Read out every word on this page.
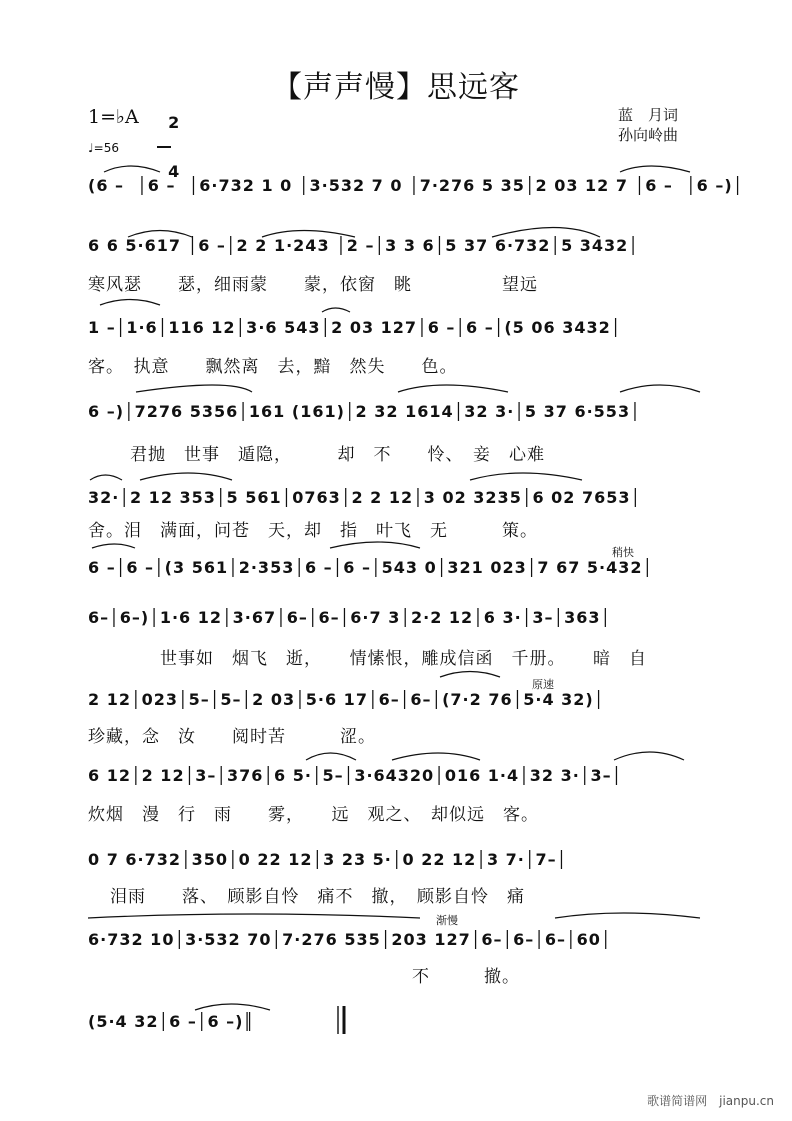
【声声慢】思远客
1=♭A	2

4

蓝　月词
孙向岭曲
♩=56
(6 –  │6 –  │6·732 1 0 │3·532 7 0 │7·276 5 35│2 03 12 7 │6 –  │6 –)│
6 6 5·617 │6 –│2 2 1·243 │2 –│3 3 6│5 37 6·732│5 3432│
寒风瑟　　瑟，细雨蒙　　蒙，依窗　眺　　　　　望远
1 –│1·6│116 12│3·6 543│2 03 127│6 –│6 –│(5 06 3432│
客。　执意　　飘然离　去，黯　然失　　色。
6 –)│7276 5356│161 (161)│2 32 1614│32 3·│5 37 6·553│
君抛　世事　遁隐，　　　却　不　　怜、　妾　心难
32·│2 12 353│5 561│0763│2 2 12│3 02 3235│6 02 7653│
舍。泪　满面，问苍　天，却　指　叶飞　无　　　策。
稍快
6 –│6 –│(3 561│2·353│6 –│6 –│543 0│321 023│7 67 5·432│
6–│6–)│1·6 12│3·67│6–│6–│6·7 3│2·2 12│6 3·│3–│363│
世事如　烟飞　逝，　　情愫恨，雕成信函　千册。　　暗　自
原速
2 12│023│5–│5–│2 03│5·6 17│6–│6–│(7·2 76│5·4 32)│
珍藏，念　汝　　阅时苦　　　涩。
6 12│2 12│3–│376│6 5·│5–│3·64320│016 1·4│32 3·│3–│
炊烟　漫　行　雨　　雾，　　远　观之、　却似远　客。
0 7 6·732│350│0 22 12│3 23 5·│0 22 12│3 7·│7–│
泪雨　　落、　顾影自怜　痛不　撤，　顾影自怜　痛
渐慢
6·732 10│3·532 70│7·276 535│203 127│6–│6–│6–│60│
　　　　　　　　　　　　　　　　　　不　　　撤。
(5·4 32│6 –│6 –)║
歌谱简谱网　jianpu.cn
